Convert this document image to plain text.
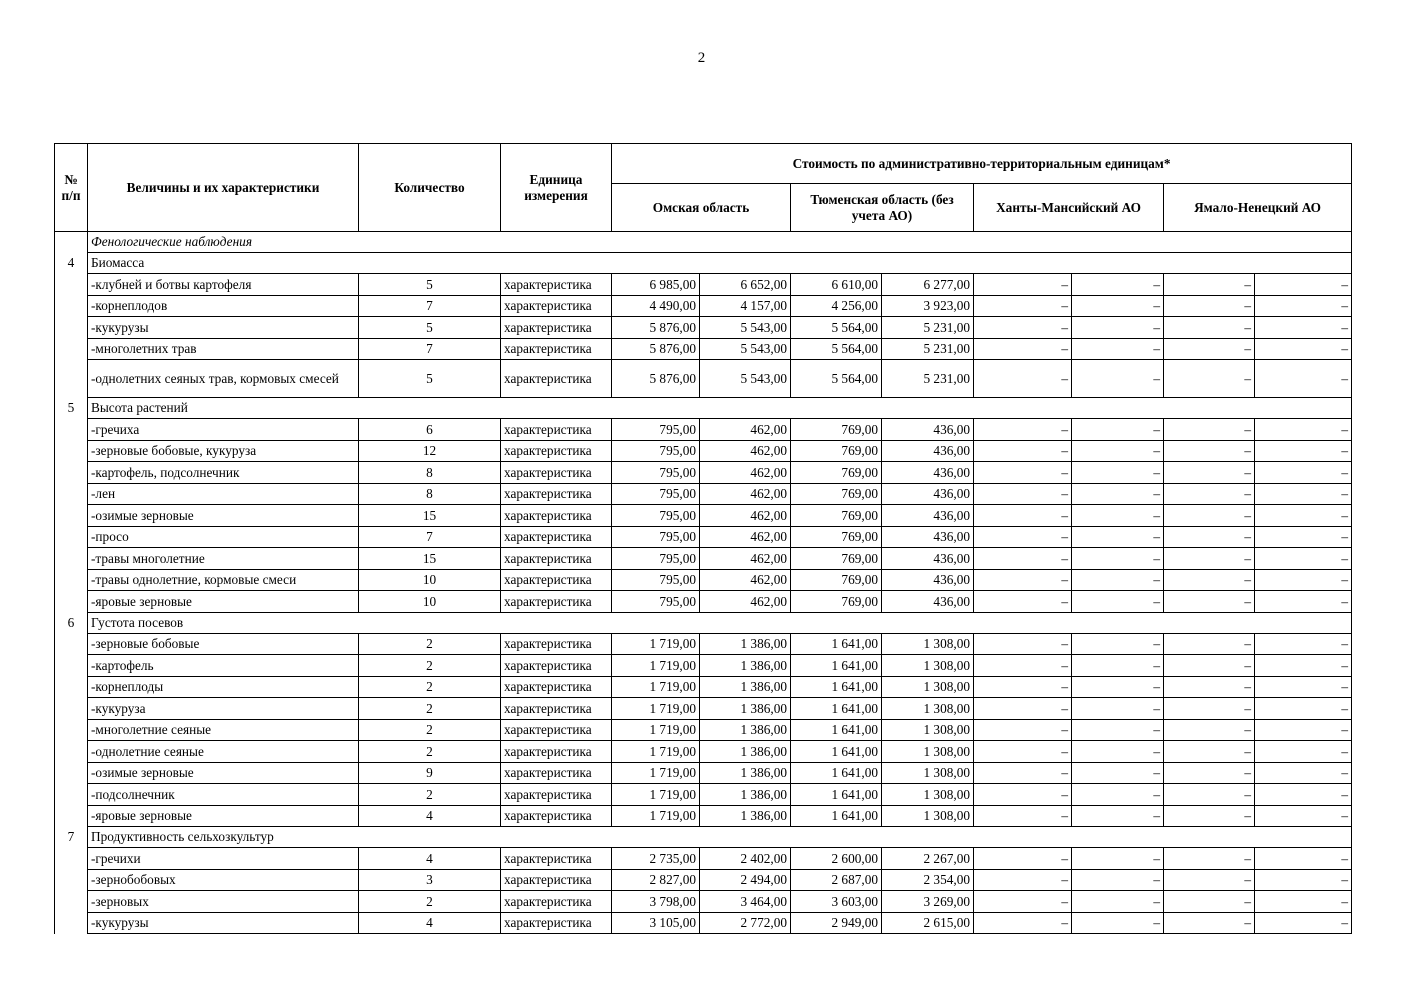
2
№ п/п	Величины и их характеристики	Количество	Единица измерения	Стоимость по административно-территориальным единицам*							
				Омская область		Тюменская область (без учета АО)		Ханты-Мансийский АО		Ямало-Ненецкий АО	
	Фенологические наблюдения										
4	Биомасса										
	-клубней и ботвы картофеля	5	характеристика	6 985,00	6 652,00	6 610,00	6 277,00	–	–	–	–
	-корнеплодов	7	характеристика	4 490,00	4 157,00	4 256,00	3 923,00	–	–	–	–
	-кукурузы	5	характеристика	5 876,00	5 543,00	5 564,00	5 231,00	–	–	–	–
	-многолетних трав	7	характеристика	5 876,00	5 543,00	5 564,00	5 231,00	–	–	–	–
	-однолетних сеяных трав, кормовых смесей	5	характеристика	5 876,00	5 543,00	5 564,00	5 231,00	–	–	–	–
5	Высота растений										
	-гречиха	6	характеристика	795,00	462,00	769,00	436,00	–	–	–	–
	-зерновые бобовые, кукуруза	12	характеристика	795,00	462,00	769,00	436,00	–	–	–	–
	-картофель, подсолнечник	8	характеристика	795,00	462,00	769,00	436,00	–	–	–	–
	-лен	8	характеристика	795,00	462,00	769,00	436,00	–	–	–	–
	-озимые зерновые	15	характеристика	795,00	462,00	769,00	436,00	–	–	–	–
	-просо	7	характеристика	795,00	462,00	769,00	436,00	–	–	–	–
	-травы многолетние	15	характеристика	795,00	462,00	769,00	436,00	–	–	–	–
	-травы однолетние, кормовые смеси	10	характеристика	795,00	462,00	769,00	436,00	–	–	–	–
	-яровые зерновые	10	характеристика	795,00	462,00	769,00	436,00	–	–	–	–
6	Густота посевов										
	-зерновые бобовые	2	характеристика	1 719,00	1 386,00	1 641,00	1 308,00	–	–	–	–
	-картофель	2	характеристика	1 719,00	1 386,00	1 641,00	1 308,00	–	–	–	–
	-корнеплоды	2	характеристика	1 719,00	1 386,00	1 641,00	1 308,00	–	–	–	–
	-кукуруза	2	характеристика	1 719,00	1 386,00	1 641,00	1 308,00	–	–	–	–
	-многолетние сеяные	2	характеристика	1 719,00	1 386,00	1 641,00	1 308,00	–	–	–	–
	-однолетние сеяные	2	характеристика	1 719,00	1 386,00	1 641,00	1 308,00	–	–	–	–
	-озимые зерновые	9	характеристика	1 719,00	1 386,00	1 641,00	1 308,00	–	–	–	–
	-подсолнечник	2	характеристика	1 719,00	1 386,00	1 641,00	1 308,00	–	–	–	–
	-яровые зерновые	4	характеристика	1 719,00	1 386,00	1 641,00	1 308,00	–	–	–	–
7	Продуктивность сельхозкультур										
	-гречихи	4	характеристика	2 735,00	2 402,00	2 600,00	2 267,00	–	–	–	–
	-зернобобовых	3	характеристика	2 827,00	2 494,00	2 687,00	2 354,00	–	–	–	–
	-зерновых	2	характеристика	3 798,00	3 464,00	3 603,00	3 269,00	–	–	–	–
	-кукурузы	4	характеристика	3 105,00	2 772,00	2 949,00	2 615,00	–	–	–	–
